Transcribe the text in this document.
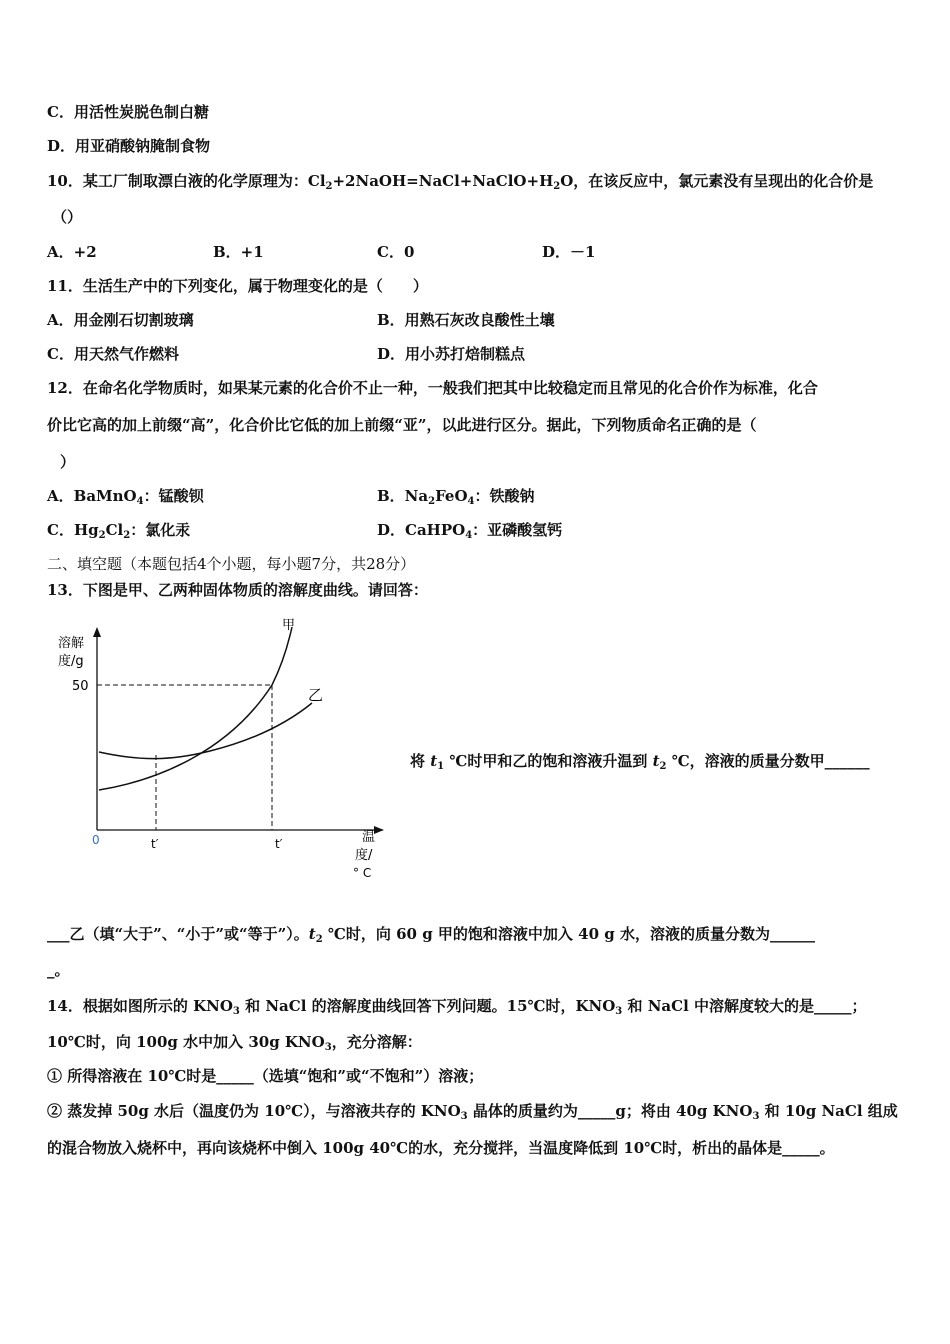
C．用活性炭脱色制白糖
D．用亚硝酸钠腌制食物
10．某工厂制取漂白液的化学原理为：$Cl_2+2NaOH=NaCl+NaClO+H_2O$，在该反应中，氯元素没有呈现出的化合价是
（）
A．+2	B．+1	C．0	D．－1
11．生活生产中的下列变化，属于物理变化的是（　　）
A．用金刚石切割玻璃	B．用熟石灰改良酸性土壤
C．用天然气作燃料	D．用小苏打焙制糕点
12．在命名化学物质时，如果某元素的化合价不止一种，一般我们把其中比较稳定而且常见的化合价作为标准，化合
价比它高的加上前缀“高”，化合价比它低的加上前缀“亚”，以此进行区分。据此，下列物质命名正确的是（
）
A．BaMnO$_4$：锰酸钡	B．$Na_2FeO_4$：铁酸钠
C．$Hg_2Cl_2$：氯化汞	D．CaHPO$_4$：亚磷酸氢钙
二、填空题（本题包括4个小题，每小题7分，共28分）
13．下图是甲、乙两种固体物质的溶解度曲线。请回答：
甲
乙
溶解
度/g
50
0	t′	t′	温
度/
° C
将 $t_1$ ℃时甲和乙的饱和溶液升温到 $t_2$ ℃，溶液的质量分数甲______
___乙（填“大于”、“小于”或“等于”）。$t_2$ ℃时，向 60 g 甲的饱和溶液中加入 40 g 水，溶液的质量分数为______
_。
14．根据如图所示的 $KNO_3$ 和 NaCl 的溶解度曲线回答下列问题。15℃时，$KNO_3$ 和 NaCl 中溶解度较大的是_____；
10℃时，向 100g 水中加入 30g $KNO_3$，充分溶解：
① 所得溶液在 10℃时是_____（选填“饱和”或“不饱和”）溶液；
② 蒸发掉 50g 水后（温度仍为 10℃），与溶液共存的 $KNO_3$ 晶体的质量约为_____g；将由 40g $KNO_3$ 和 10g NaCl 组成
的混合物放入烧杯中，再向该烧杯中倒入 100g 40℃的水，充分搅拌，当温度降低到 10℃时，析出的晶体是_____。
